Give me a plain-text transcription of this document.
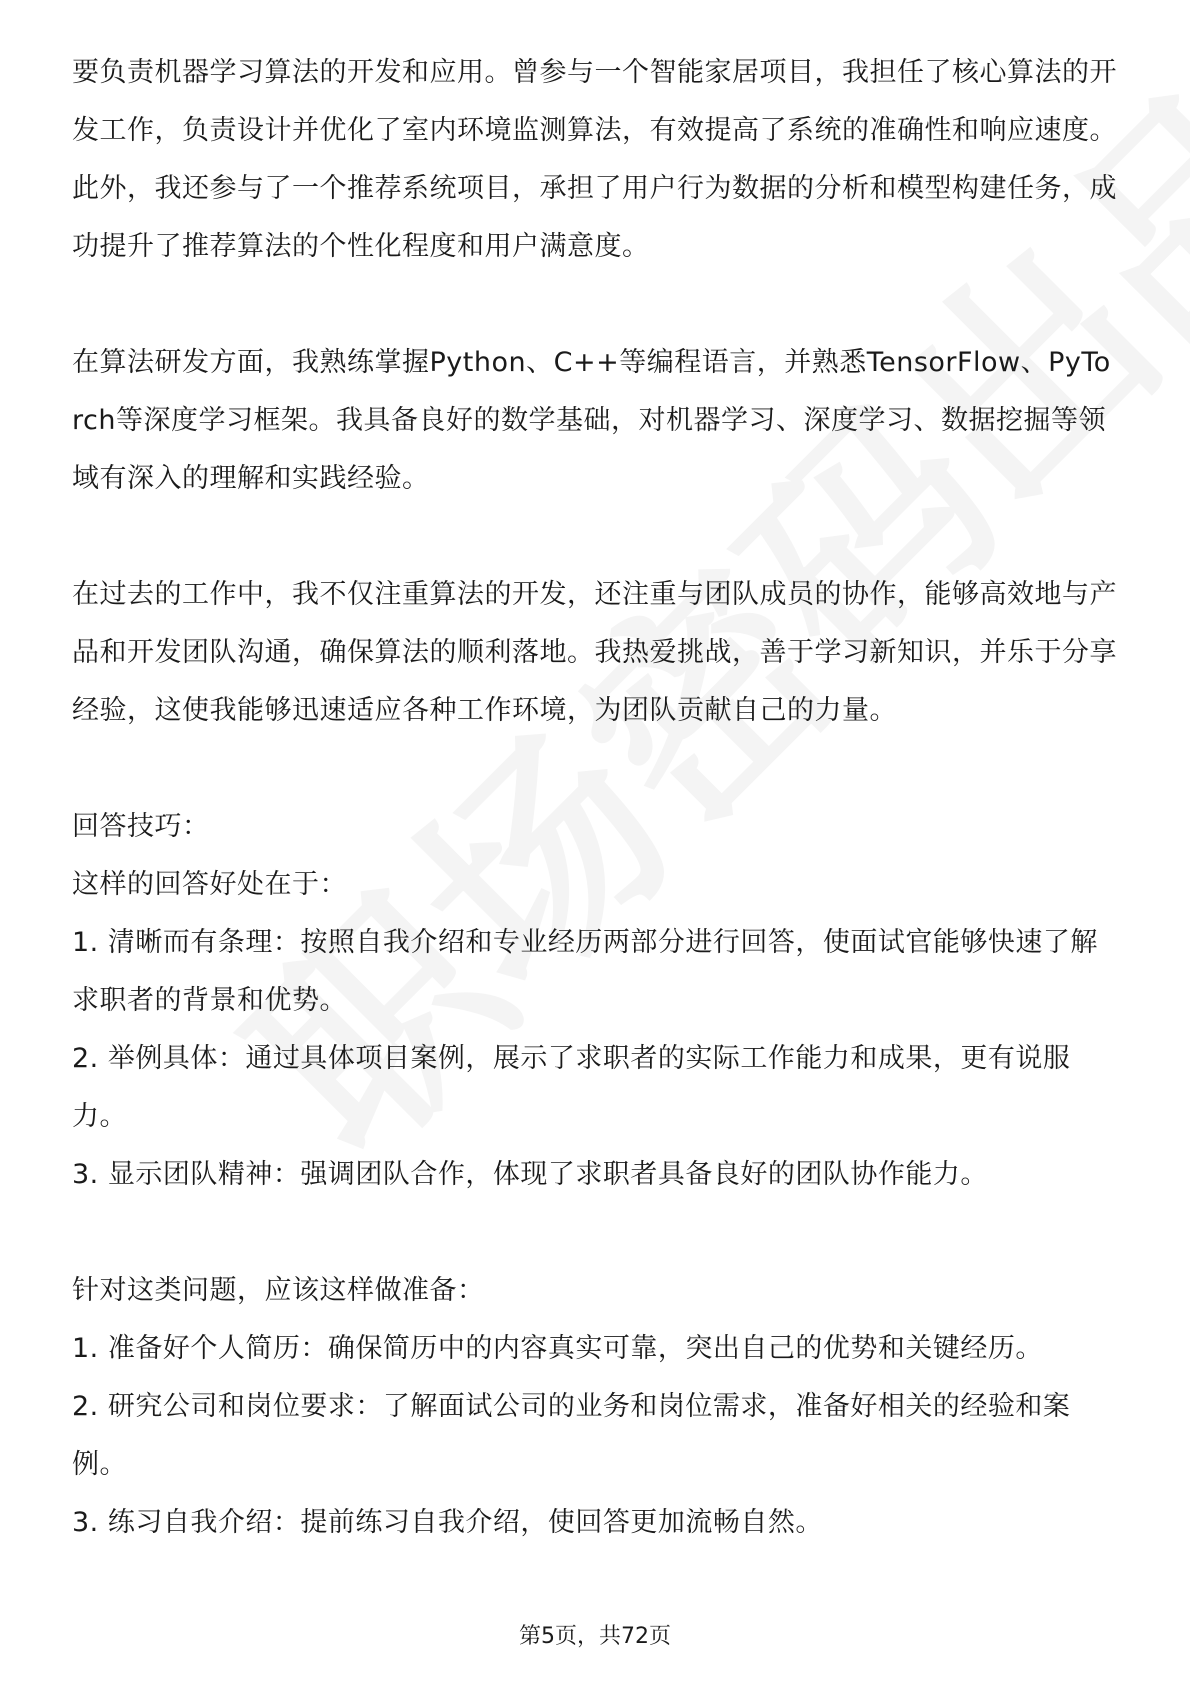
要负责机器学习算法的开发和应用。曾参与一个智能家居项目，我担任了核心算法的开发工作，负责设计并优化了室内环境监测算法，有效提高了系统的准确性和响应速度。此外，我还参与了一个推荐系统项目，承担了用户行为数据的分析和模型构建任务，成功提升了推荐算法的个性化程度和用户满意度。

在算法研发方面，我熟练掌握Python、C++等编程语言，并熟悉TensorFlow、PyTorch等深度学习框架。我具备良好的数学基础，对机器学习、深度学习、数据挖掘等领域有深入的理解和实践经验。

在过去的工作中，我不仅注重算法的开发，还注重与团队成员的协作，能够高效地与产品和开发团队沟通，确保算法的顺利落地。我热爱挑战，善于学习新知识，并乐于分享经验，这使我能够迅速适应各种工作环境，为团队贡献自己的力量。

回答技巧：

这样的回答好处在于：

1. 清晰而有条理：按照自我介绍和专业经历两部分进行回答，使面试官能够快速了解求职者的背景和优势。

2. 举例具体：通过具体项目案例，展示了求职者的实际工作能力和成果，更有说服力。

3. 显示团队精神：强调团队合作，体现了求职者具备良好的团队协作能力。

针对这类问题，应该这样做准备：

1. 准备好个人简历：确保简历中的内容真实可靠，突出自己的优势和关键经历。

2. 研究公司和岗位要求：了解面试公司的业务和岗位需求，准备好相关的经验和案例。

3. 练习自我介绍：提前练习自我介绍，使回答更加流畅自然。

第5页，共72页
